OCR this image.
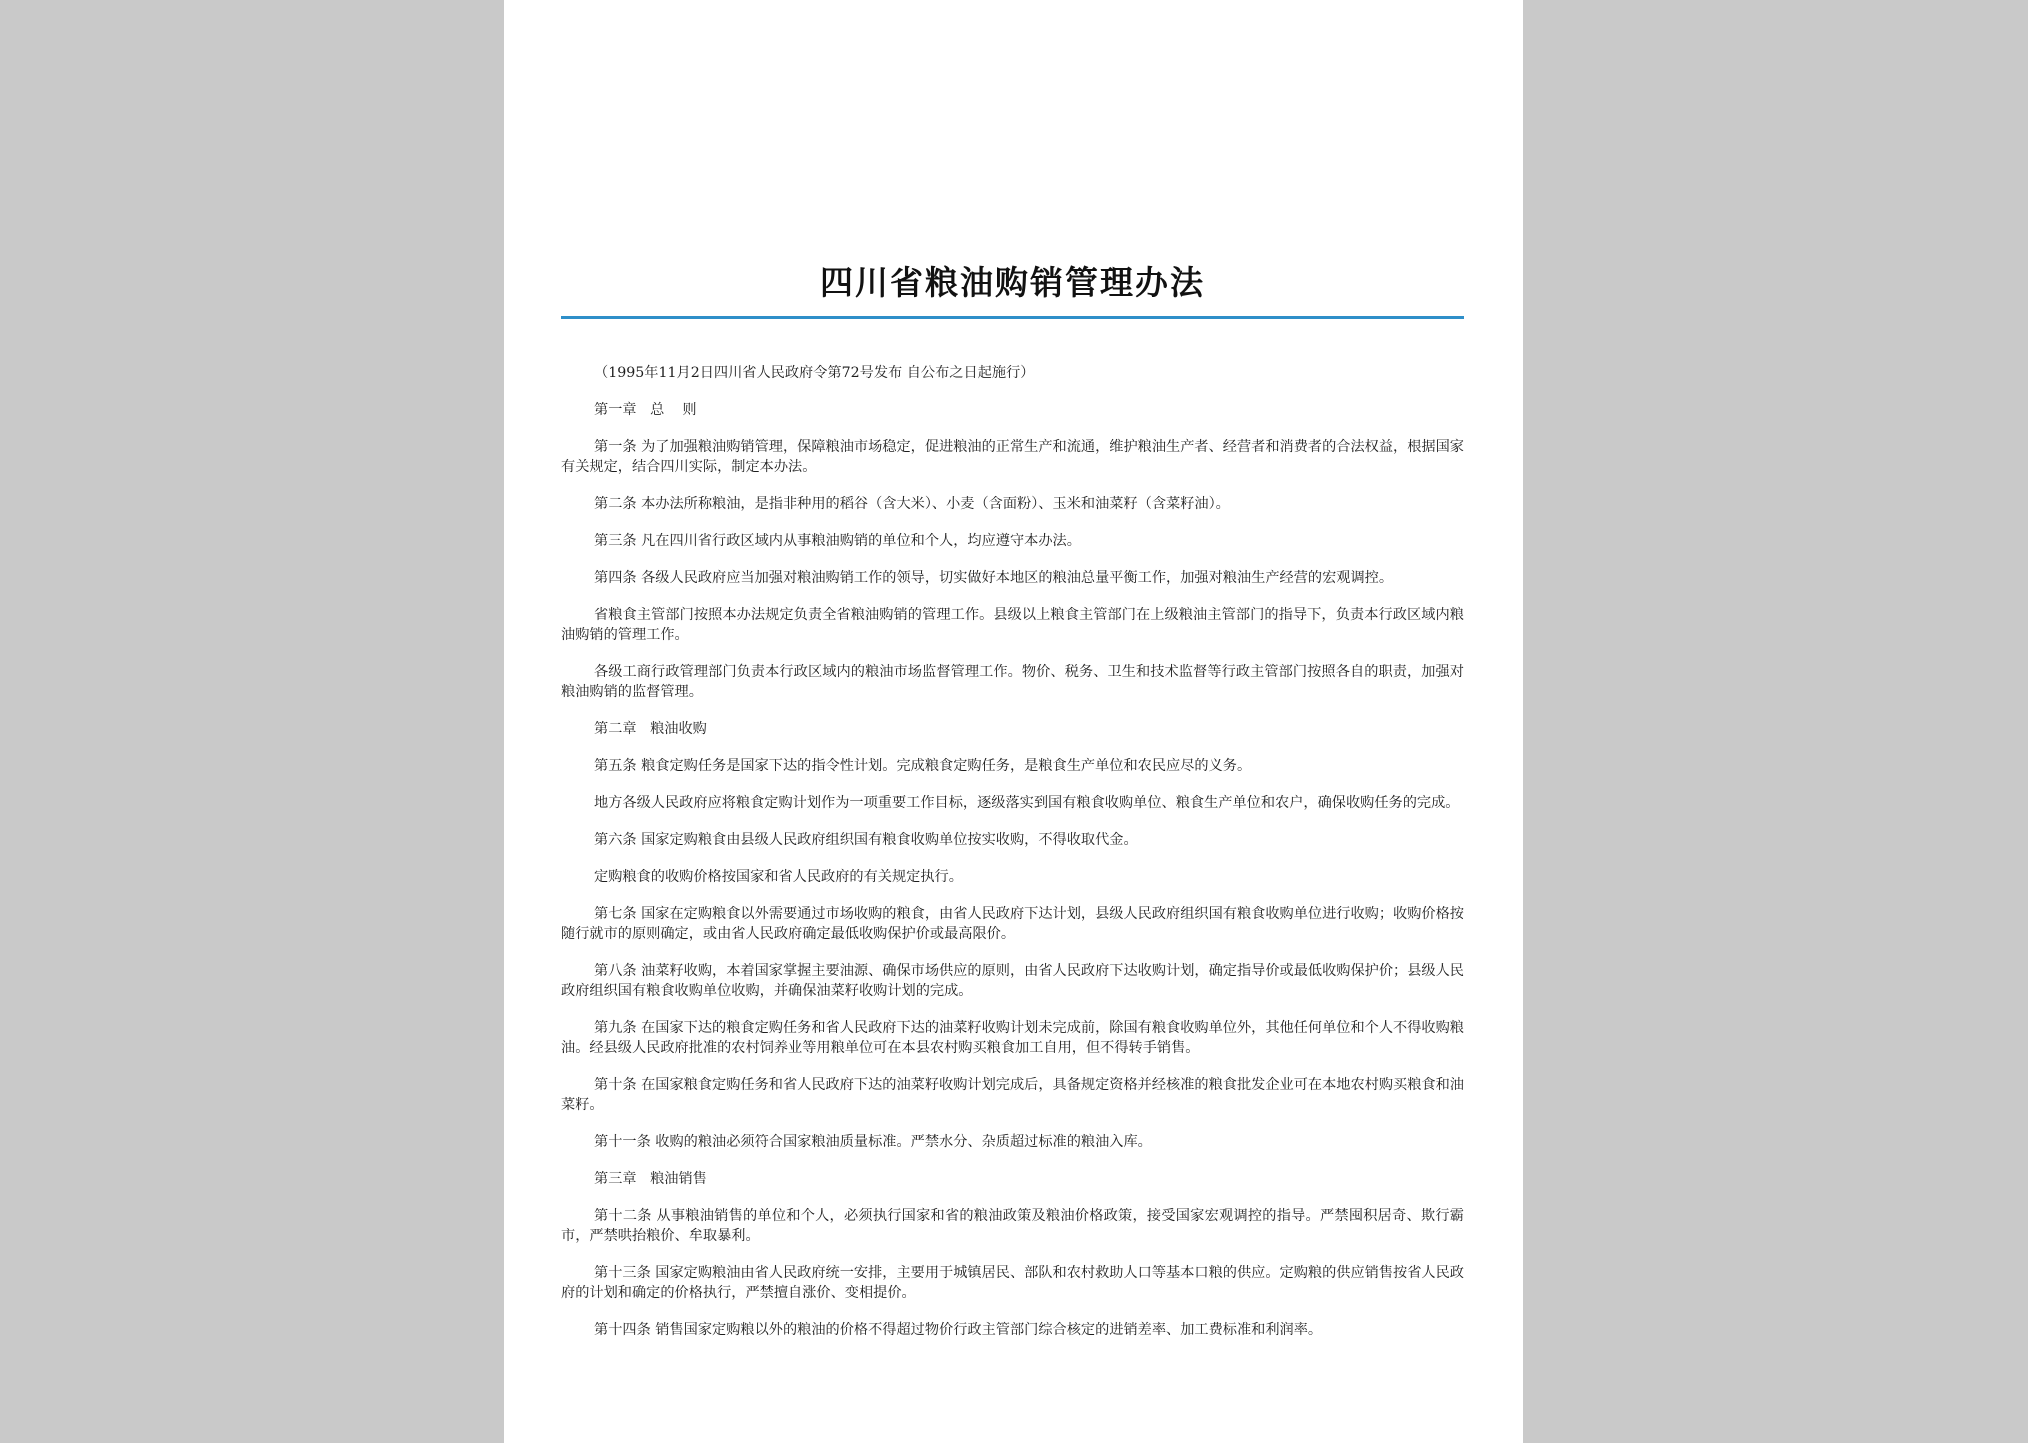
四川省粮油购销管理办法

（1995年11月2日四川省人民政府令第72号发布 自公布之日起施行）

第一章   总    则

第一条 为了加强粮油购销管理，保障粮油市场稳定，促进粮油的正常生产和流通，维护粮油生产者、经营者和消费者的合法权益，根据国家有关规定，结合四川实际，制定本办法。

第二条 本办法所称粮油，是指非种用的稻谷（含大米）、小麦（含面粉）、玉米和油菜籽（含菜籽油）。

第三条 凡在四川省行政区域内从事粮油购销的单位和个人，均应遵守本办法。

第四条 各级人民政府应当加强对粮油购销工作的领导，切实做好本地区的粮油总量平衡工作，加强对粮油生产经营的宏观调控。

省粮食主管部门按照本办法规定负责全省粮油购销的管理工作。县级以上粮食主管部门在上级粮油主管部门的指导下，负责本行政区域内粮油购销的管理工作。

各级工商行政管理部门负责本行政区域内的粮油市场监督管理工作。物价、税务、卫生和技术监督等行政主管部门按照各自的职责，加强对粮油购销的监督管理。

第二章   粮油收购

第五条 粮食定购任务是国家下达的指令性计划。完成粮食定购任务，是粮食生产单位和农民应尽的义务。

地方各级人民政府应将粮食定购计划作为一项重要工作目标，逐级落实到国有粮食收购单位、粮食生产单位和农户，确保收购任务的完成。

第六条 国家定购粮食由县级人民政府组织国有粮食收购单位按实收购，不得收取代金。

定购粮食的收购价格按国家和省人民政府的有关规定执行。

第七条 国家在定购粮食以外需要通过市场收购的粮食，由省人民政府下达计划，县级人民政府组织国有粮食收购单位进行收购；收购价格按随行就市的原则确定，或由省人民政府确定最低收购保护价或最高限价。

第八条 油菜籽收购，本着国家掌握主要油源、确保市场供应的原则，由省人民政府下达收购计划，确定指导价或最低收购保护价；县级人民政府组织国有粮食收购单位收购，并确保油菜籽收购计划的完成。

第九条 在国家下达的粮食定购任务和省人民政府下达的油菜籽收购计划未完成前，除国有粮食收购单位外，其他任何单位和个人不得收购粮油。经县级人民政府批准的农村饲养业等用粮单位可在本县农村购买粮食加工自用，但不得转手销售。

第十条 在国家粮食定购任务和省人民政府下达的油菜籽收购计划完成后，具备规定资格并经核准的粮食批发企业可在本地农村购买粮食和油菜籽。

第十一条 收购的粮油必须符合国家粮油质量标准。严禁水分、杂质超过标准的粮油入库。

第三章   粮油销售

第十二条 从事粮油销售的单位和个人，必须执行国家和省的粮油政策及粮油价格政策，接受国家宏观调控的指导。严禁囤积居奇、欺行霸市，严禁哄抬粮价、牟取暴利。

第十三条 国家定购粮油由省人民政府统一安排，主要用于城镇居民、部队和农村救助人口等基本口粮的供应。定购粮的供应销售按省人民政府的计划和确定的价格执行，严禁擅自涨价、变相提价。

第十四条 销售国家定购粮以外的粮油的价格不得超过物价行政主管部门综合核定的进销差率、加工费标准和利润率。
